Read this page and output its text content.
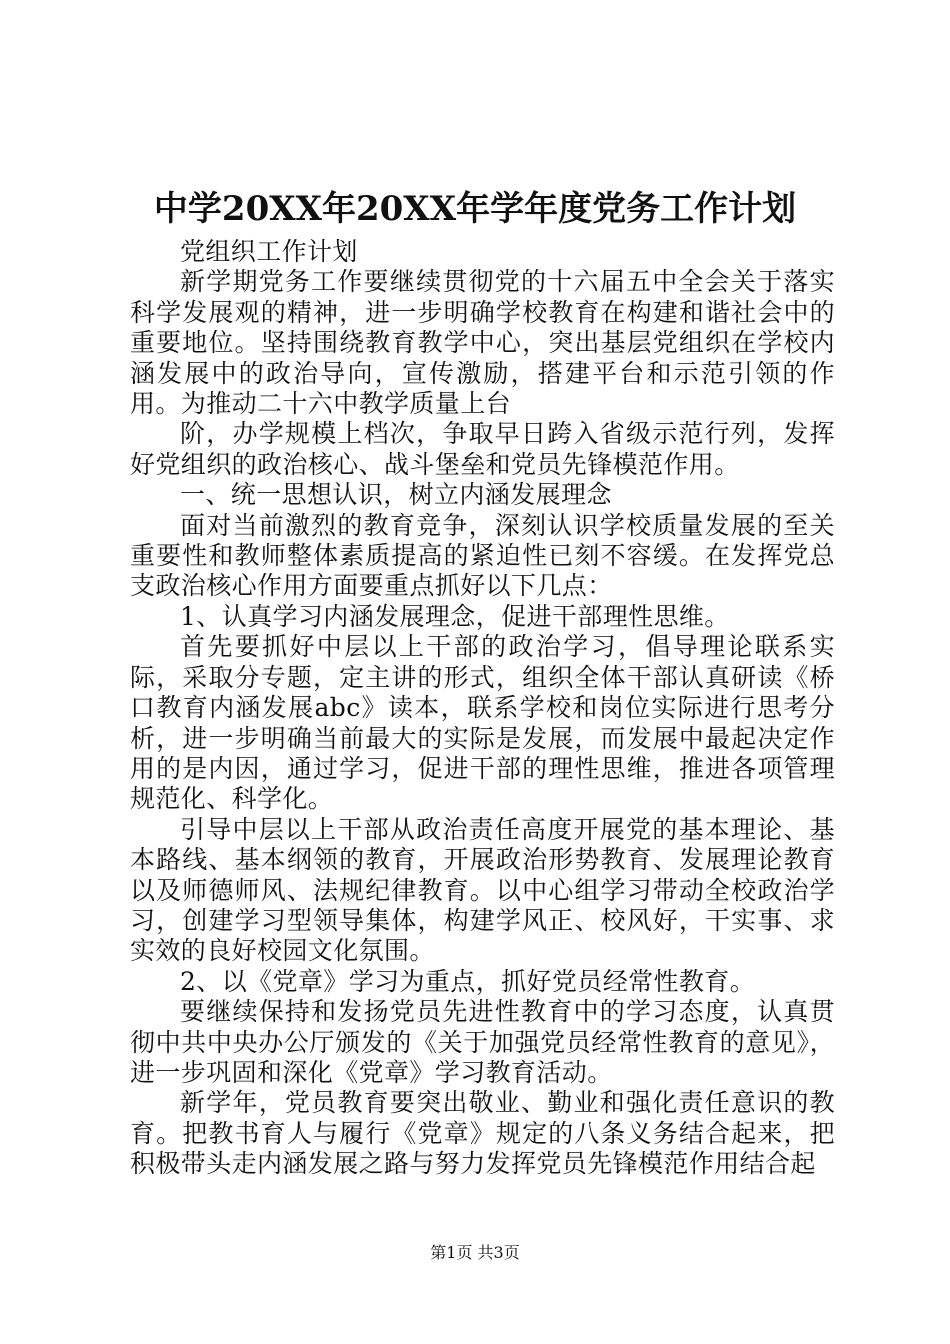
中学20XX年20XX年学年度党务工作计划

党组织工作计划

新学期党务工作要继续贯彻党的十六届五中全会关于落实科学发展观的精神，进一步明确学校教育在构建和谐社会中的重要地位。坚持围绕教育教学中心，突出基层党组织在学校内涵发展中的政治导向，宣传激励，搭建平台和示范引领的作用。为推动二十六中教学质量上台

阶，办学规模上档次，争取早日跨入省级示范行列，发挥好党组织的政治核心、战斗堡垒和党员先锋模范作用。

一、统一思想认识，树立内涵发展理念

面对当前激烈的教育竞争，深刻认识学校质量发展的至关重要性和教师整体素质提高的紧迫性已刻不容缓。在发挥党总支政治核心作用方面要重点抓好以下几点：

1、认真学习内涵发展理念，促进干部理性思维。

首先要抓好中层以上干部的政治学习，倡导理论联系实际，采取分专题，定主讲的形式，组织全体干部认真研读《桥口教育内涵发展abc》读本，联系学校和岗位实际进行思考分析，进一步明确当前最大的实际是发展，而发展中最起决定作用的是内因，通过学习，促进干部的理性思维，推进各项管理规范化、科学化。

引导中层以上干部从政治责任高度开展党的基本理论、基本路线、基本纲领的教育，开展政治形势教育、发展理论教育以及师德师风、法规纪律教育。以中心组学习带动全校政治学习，创建学习型领导集体，构建学风正、校风好，干实事、求实效的良好校园文化氛围。

2、以《党章》学习为重点，抓好党员经常性教育。

要继续保持和发扬党员先进性教育中的学习态度，认真贯彻中共中央办公厅颁发的《关于加强党员经常性教育的意见》，进一步巩固和深化《党章》学习教育活动。

新学年，党员教育要突出敬业、勤业和强化责任意识的教育。把教书育人与履行《党章》规定的八条义务结合起来，把积极带头走内涵发展之路与努力发挥党员先锋模范作用结合起

第1页 共3页
